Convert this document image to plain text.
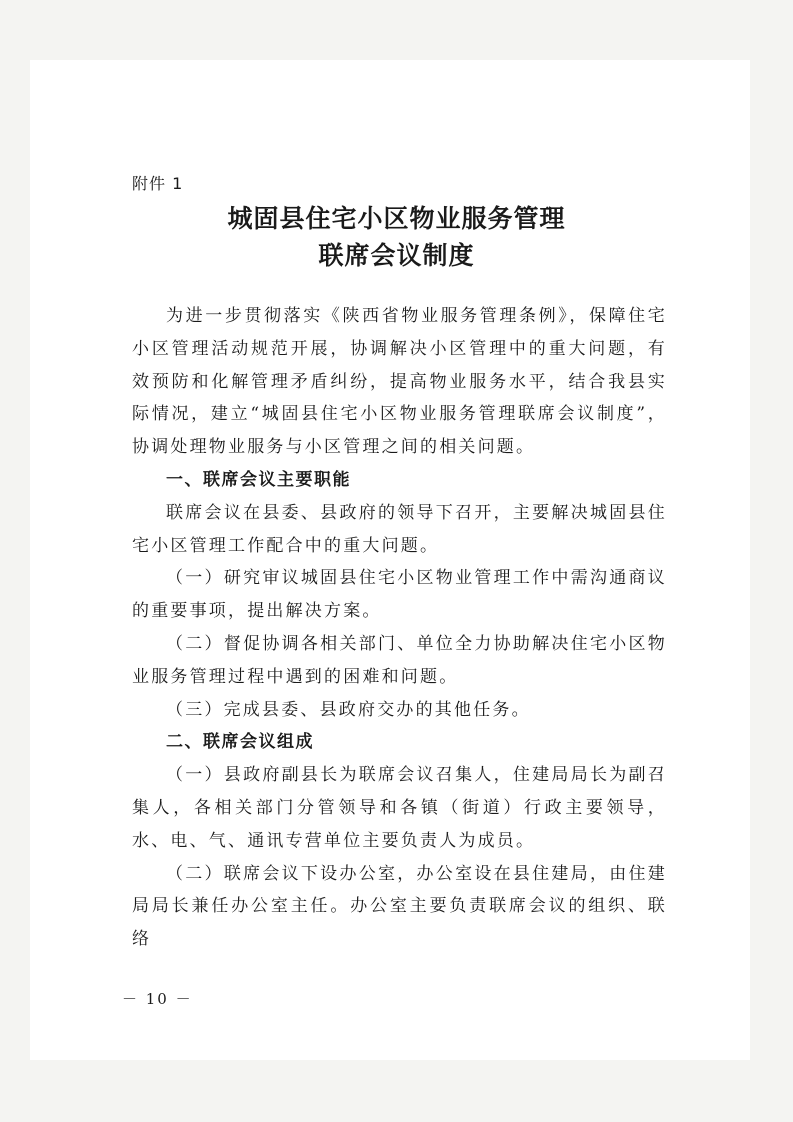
附件 1
城固县住宅小区物业服务管理
联席会议制度

为进一步贯彻落实《陕西省物业服务管理条例》，保障住宅小区管理活动规范开展，协调解决小区管理中的重大问题，有效预防和化解管理矛盾纠纷，提高物业服务水平，结合我县实际情况，建立“城固县住宅小区物业服务管理联席会议制度”，协调处理物业服务与小区管理之间的相关问题。

一、联席会议主要职能

联席会议在县委、县政府的领导下召开，主要解决城固县住宅小区管理工作配合中的重大问题。

（一）研究审议城固县住宅小区物业管理工作中需沟通商议的重要事项，提出解决方案。

（二）督促协调各相关部门、单位全力协助解决住宅小区物业服务管理过程中遇到的困难和问题。

（三）完成县委、县政府交办的其他任务。

二、联席会议组成

（一）县政府副县长为联席会议召集人，住建局局长为副召集人，各相关部门分管领导和各镇（街道）行政主要领导，水、电、气、通讯专营单位主要负责人为成员。

（二）联席会议下设办公室，办公室设在县住建局，由住建局局长兼任办公室主任。办公室主要负责联席会议的组织、联络

－ 10 －
